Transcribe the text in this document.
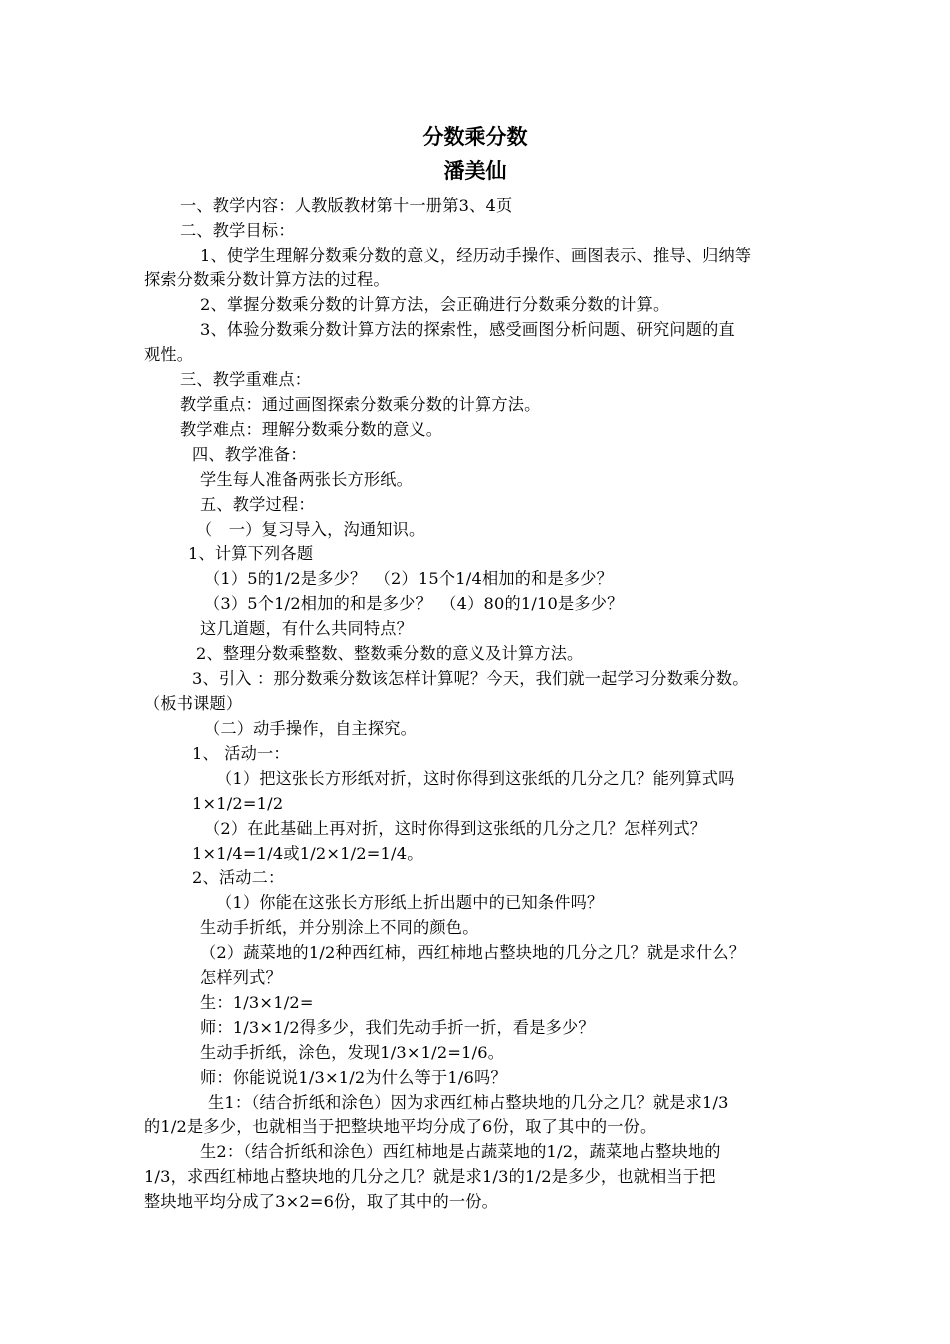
分数乘分数
潘美仙
一、教学内容：人教版教材第十一册第3、4页
二、教学目标：
1、使学生理解分数乘分数的意义，经历动手操作、画图表示、推导、归纳等
探索分数乘分数计算方法的过程。
2、掌握分数乘分数的计算方法，会正确进行分数乘分数的计算。
3、体验分数乘分数计算方法的探索性，感受画图分析问题、研究问题的直
观性。
三、教学重难点：
教学重点：通过画图探索分数乘分数的计算方法。
教学难点：理解分数乘分数的意义。
四、教学准备：
学生每人准备两张长方形纸。
五、教学过程：
（　一）复习导入，沟通知识。
1、计算下列各题
（1）5的1/2是多少？　（2）15个1/4相加的和是多少？
（3）5个1/2相加的和是多少？　（4）80的1/10是多少？
这几道题，有什么共同特点？
2、整理分数乘整数、整数乘分数的意义及计算方法。
3、引入 ：那分数乘分数该怎样计算呢？今天，我们就一起学习分数乘分数。
（板书课题）
（二）动手操作，自主探究。
1、 活动一：
（1）把这张长方形纸对折，这时你得到这张纸的几分之几？能列算式吗
1×1/2=1/2
（2）在此基础上再对折，这时你得到这张纸的几分之几？怎样列式？
1×1/4=1/4或1/2×1/2=1/4。
2、活动二：
（1）你能在这张长方形纸上折出题中的已知条件吗？
生动手折纸，并分别涂上不同的颜色。
（2）蔬菜地的1/2种西红柿，西红柿地占整块地的几分之几？就是求什么？
怎样列式？
生：1/3×1/2=
师：1/3×1/2得多少，我们先动手折一折，看是多少？
生动手折纸，涂色，发现1/3×1/2=1/6。
师：你能说说1/3×1/2为什么等于1/6吗？
生1：（结合折纸和涂色）因为求西红柿占整块地的几分之几？就是求1/3
的1/2是多少，也就相当于把整块地平均分成了6份，取了其中的一份。
生2：（结合折纸和涂色）西红柿地是占蔬菜地的1/2，蔬菜地占整块地的
1/3，求西红柿地占整块地的几分之几？就是求1/3的1/2是多少，也就相当于把
整块地平均分成了3×2=6份，取了其中的一份。
